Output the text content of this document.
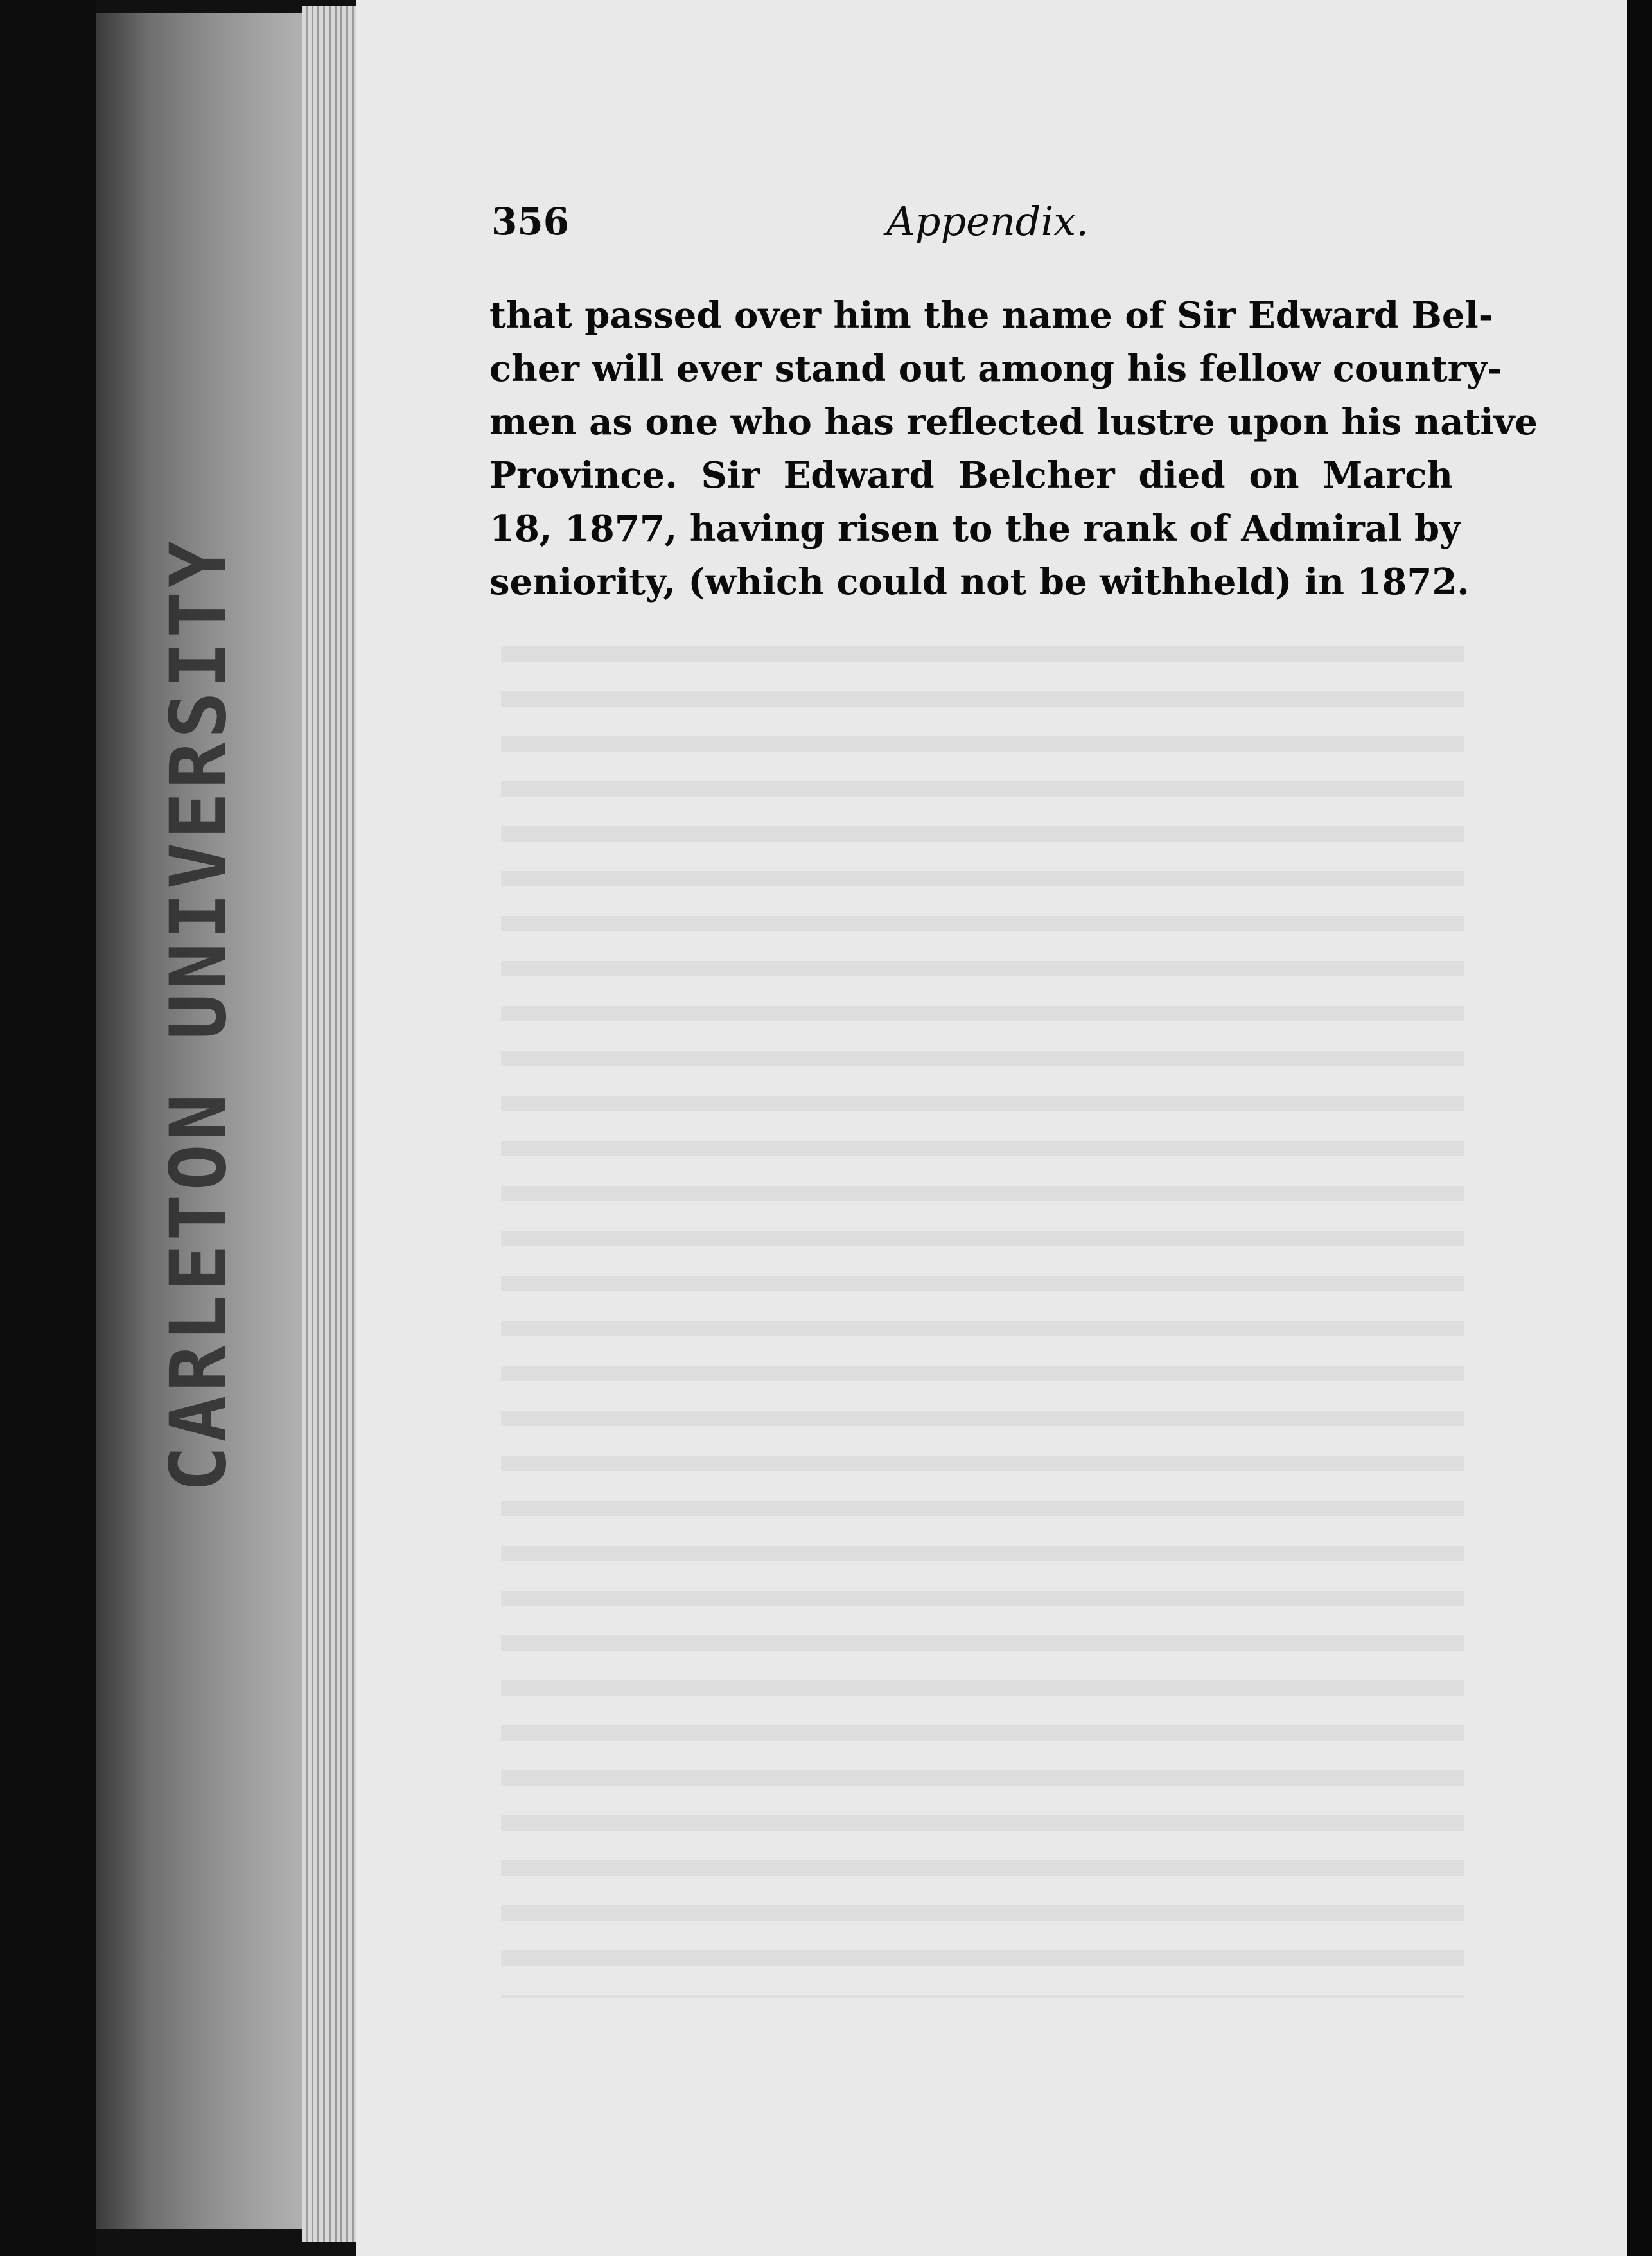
CARLETON UNIVERSITY
356	Appendix.
that passed over him the name of Sir Edward Bel-
cher will ever stand out among his fellow country-
men as one who has reflected lustre upon his native
Province. Sir Edward Belcher died on March
18, 1877, having risen to the rank of Admiral by
seniority, (which could not be withheld) in 1872.
